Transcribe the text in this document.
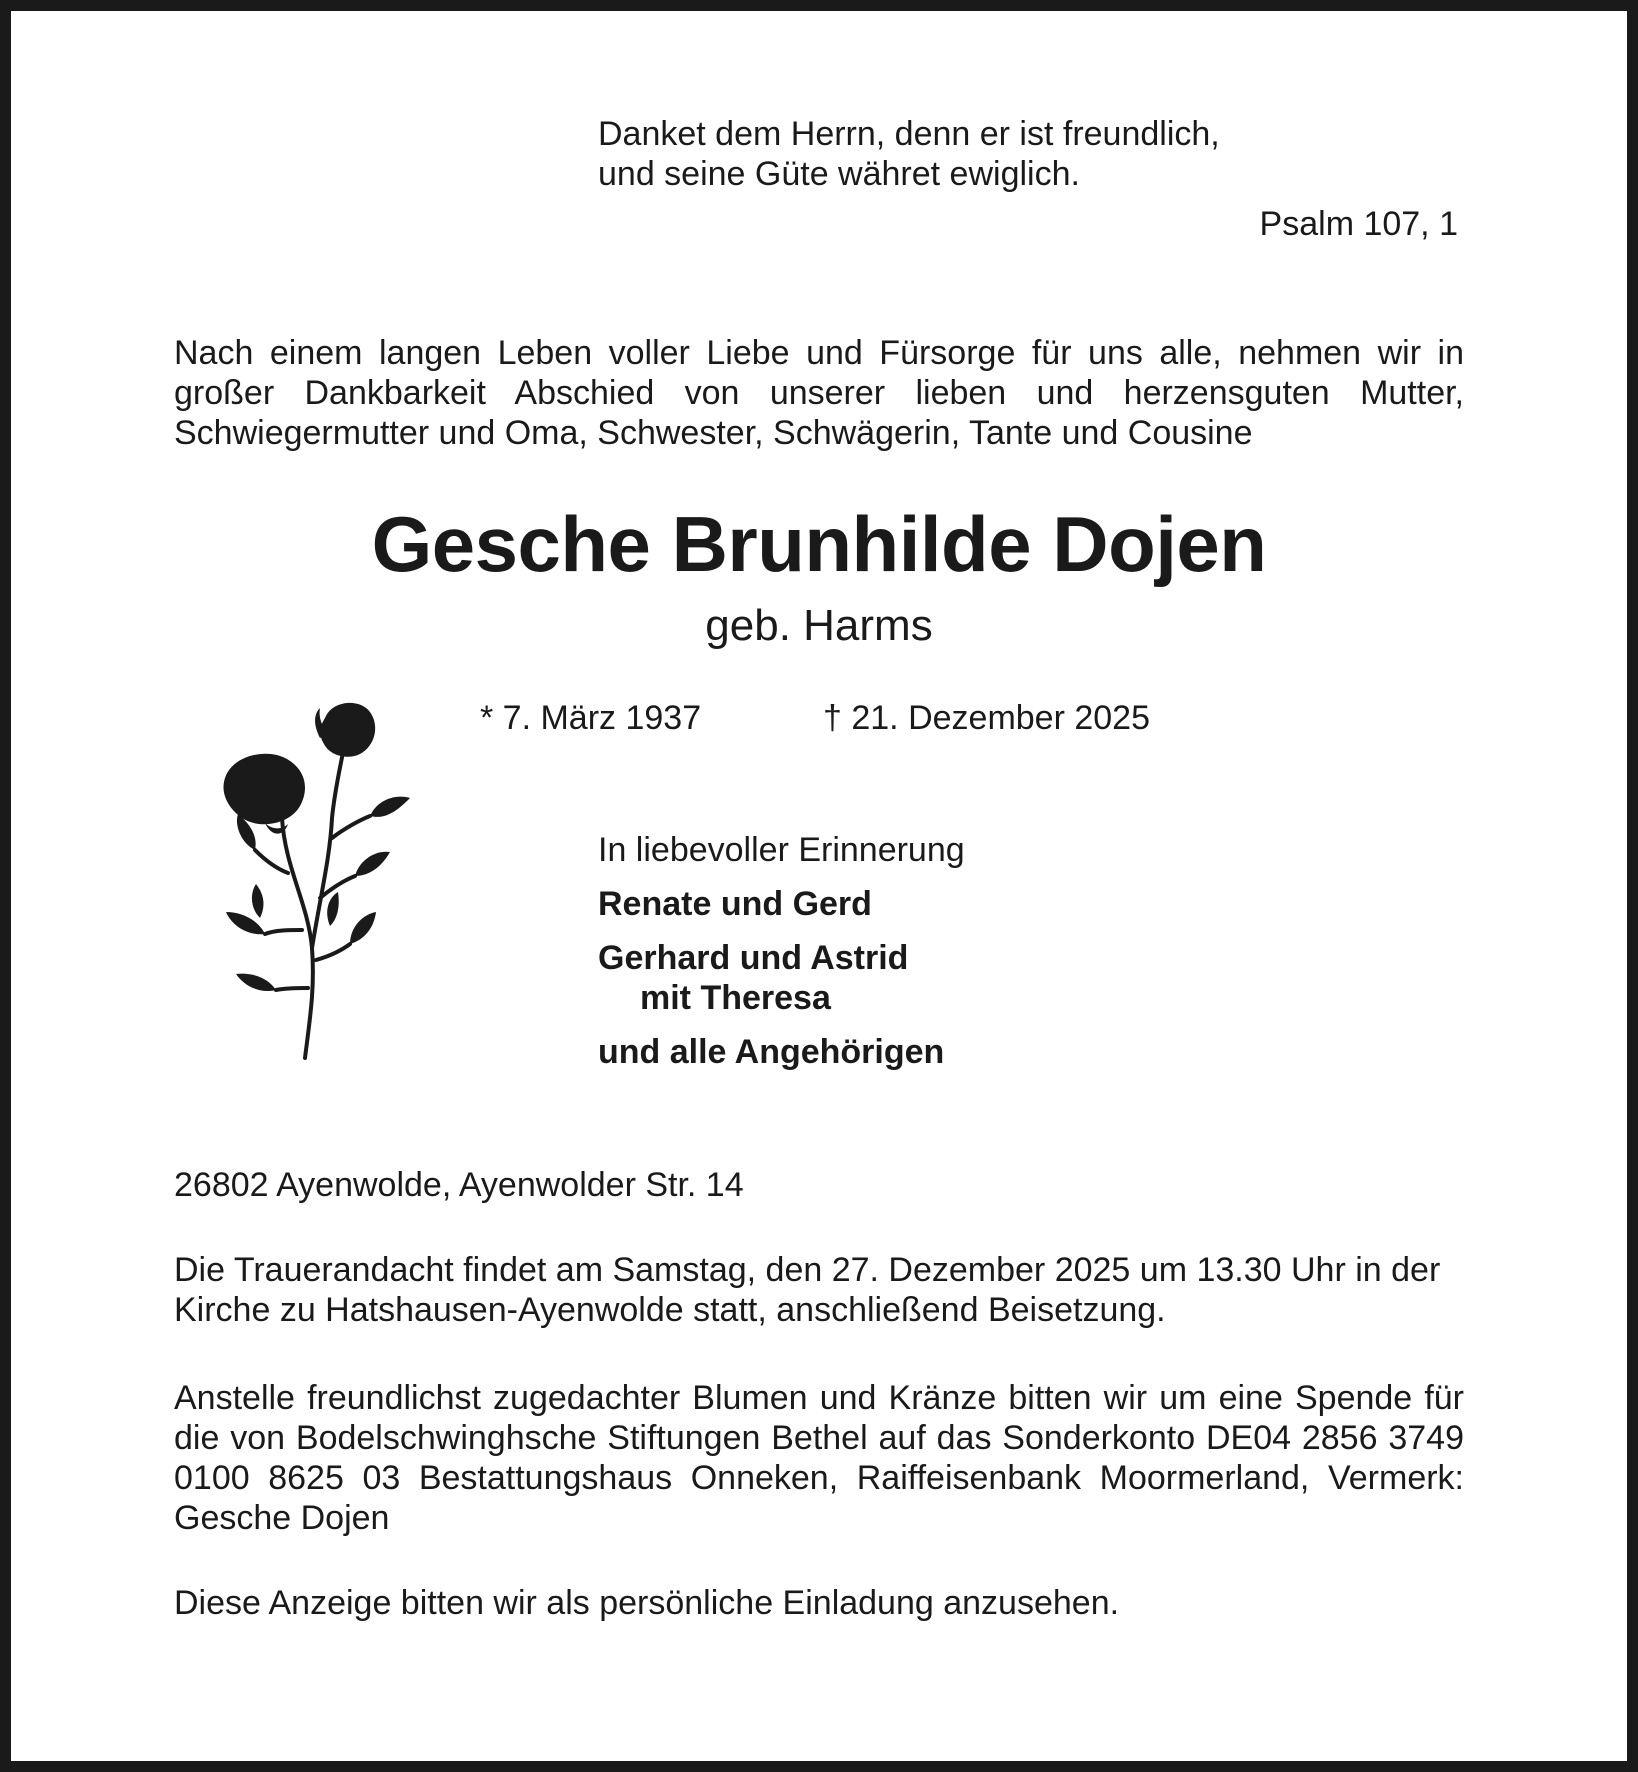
Danket dem Herrn, denn er ist freundlich,
und seine Güte währet ewiglich.
Psalm 107, 1
Nach einem langen Leben voller Liebe und Fürsorge für uns alle, nehmen wir in großer Dankbarkeit Abschied von unserer lieben und herzensguten Mutter, Schwiegermutter und Oma, Schwester, Schwägerin, Tante und Cousine
Gesche Brunhilde Dojen
geb. Harms
* 7. März 1937	† 21. Dezember 2025
In liebevoller Erinnerung
Renate und Gerd
Gerhard und Astrid
mit Theresa
und alle Angehörigen
26802 Ayenwolde, Ayenwolder Str. 14
Die Trauerandacht findet am Samstag, den 27. Dezember 2025 um 13.30 Uhr in der Kirche zu Hatshausen-Ayenwolde statt, anschließend Beisetzung.
Anstelle freundlichst zugedachter Blumen und Kränze bitten wir um eine Spende für die von Bodelschwinghsche Stiftungen Bethel auf das Sonderkonto DE04 2856 3749 0100 8625 03 Bestattungshaus Onneken, Raiffeisenbank Moormerland, Vermerk: Gesche Dojen
Diese Anzeige bitten wir als persönliche Einladung anzusehen.
